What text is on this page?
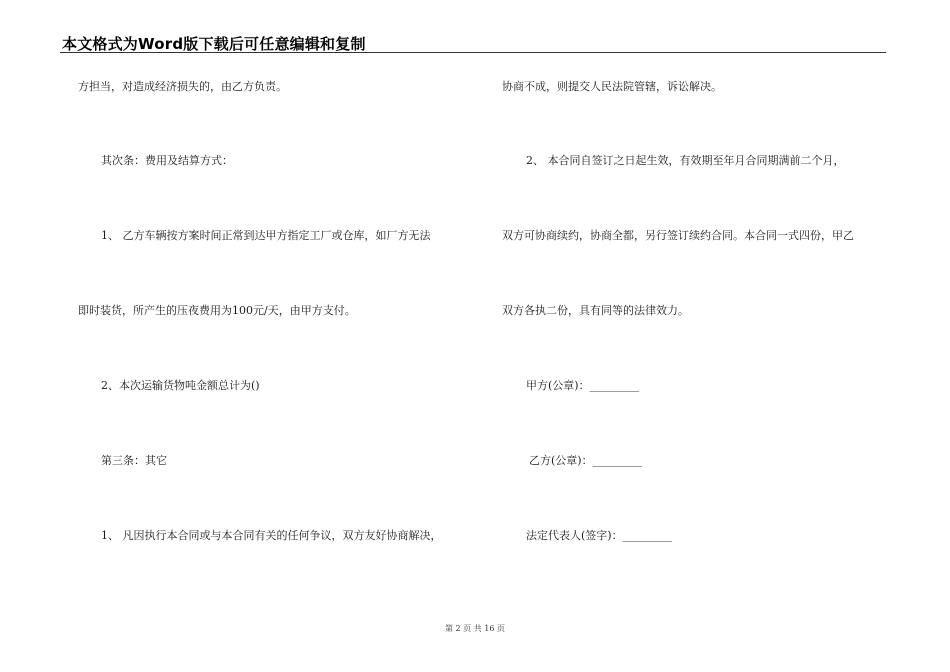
本文格式为Word版下载后可任意编辑和复制
方担当，对造成经济损失的，由乙方负责。
其次条：费用及结算方式：
1、 乙方车辆按方案时间正常到达甲方指定工厂或仓库，如厂方无法
即时装货，所产生的压夜费用为100元/天，由甲方支付。
2、本次运输货物吨金额总计为()
第三条：其它
1、 凡因执行本合同或与本合同有关的任何争议，双方友好协商解决，
协商不成，则提交人民法院管辖，诉讼解决。
2、 本合同自签订之日起生效，有效期至年月合同期满前二个月，
双方可协商续约，协商全都，另行签订续约合同。本合同一式四份，甲乙
双方各执二份，具有同等的法律效力。
甲方(公章)：_________
乙方(公章)：_________
法定代表人(签字)：_________
第 2 页 共 16 页
